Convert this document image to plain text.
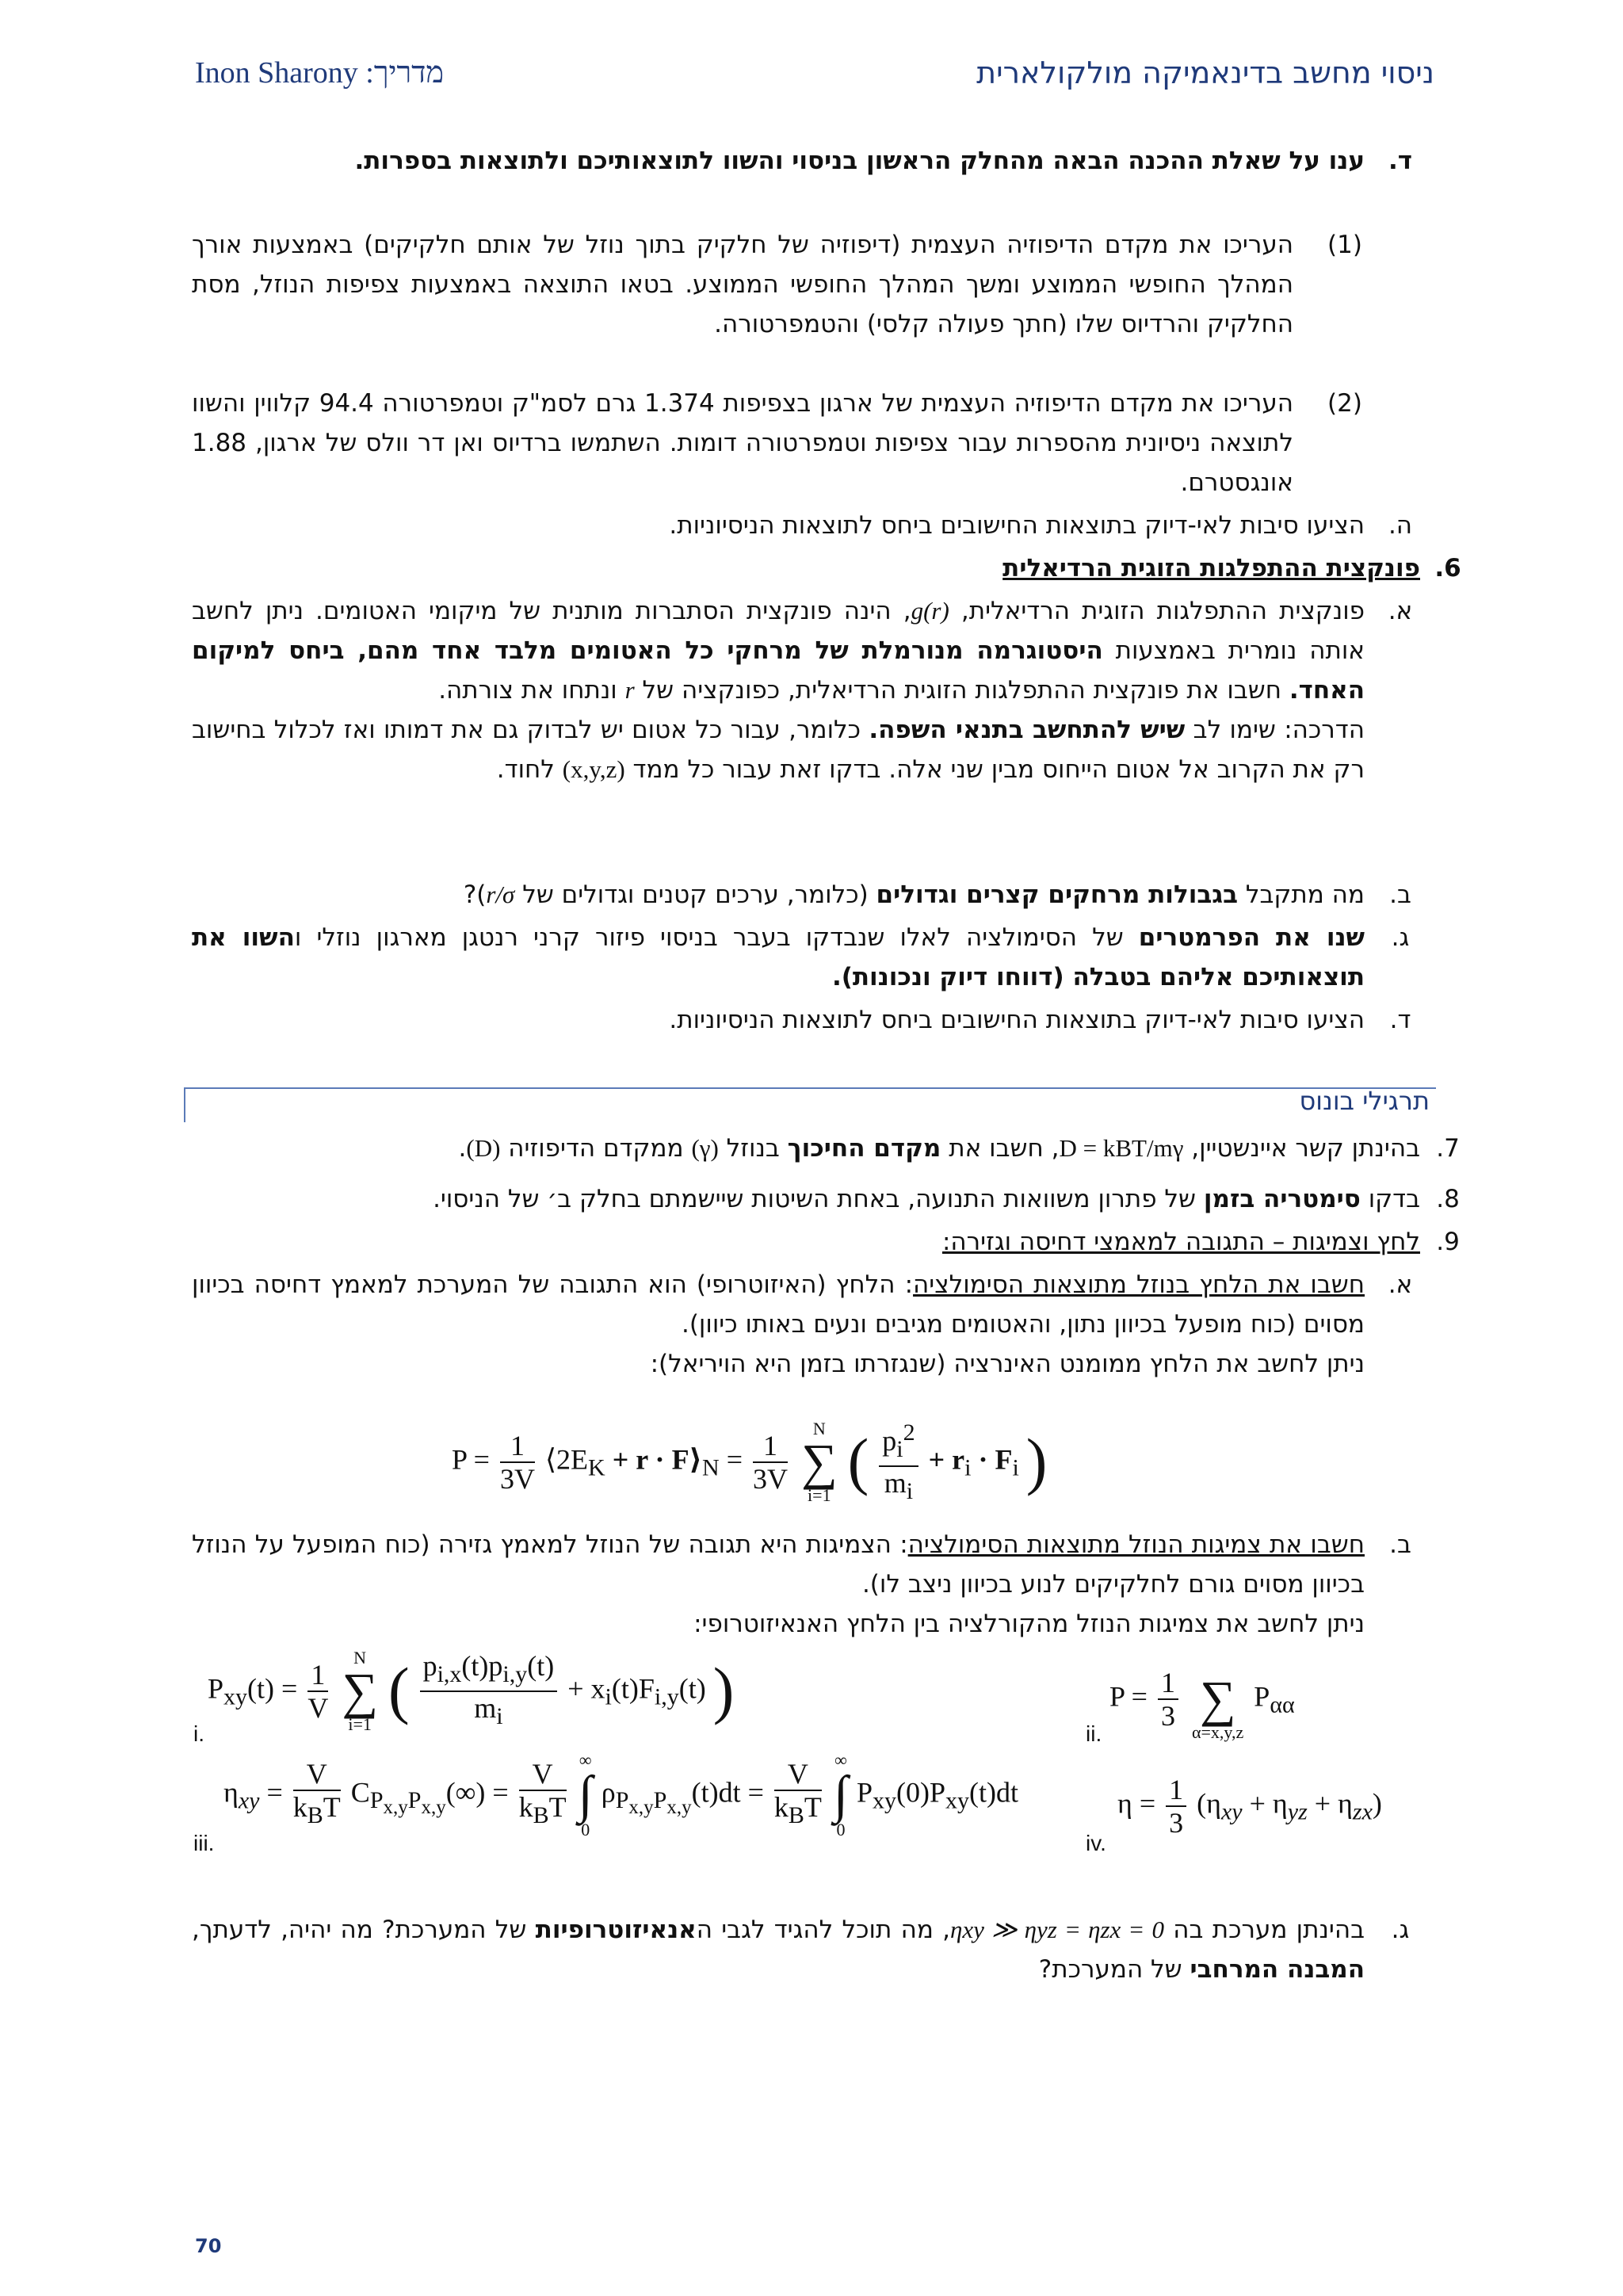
Inon Sharony :מדריך	ניסוי מחשב בדינאמיקה מולקולארית
ד.
ענו על שאלת ההכנה הבאה מהחלק הראשון בניסוי והשוו לתוצאותיכם ולתוצאות בספרות.
(1)
העריכו את מקדם הדיפוזיה העצמית (דיפוזיה של חלקיק בתוך נוזל של אותם חלקיקים) באמצעות אורך המהלך החופשי הממוצע ומשך המהלך החופשי הממוצע. בטאו התוצאה באמצעות צפיפות הנוזל, מסת החלקיק והרדיוס שלו (חתך פעולה קלסי) והטמפרטורה.
(2)
העריכו את מקדם הדיפוזיה העצמית של ארגון בצפיפות 1.374 גרם לסמ"ק וטמפרטורה 94.4 קלווין והשוו לתוצאה ניסיונית מהספרות עבור צפיפות וטמפרטורה דומות. השתמשו ברדיוס ואן דר וולס של ארגון, 1.88 אונגסטרם.
ה.
הציעו סיבות לאי-דיוק בתוצאות החישובים ביחס לתוצאות הניסיוניות.
6.
פונקצית ההתפלגות הזוגית הרדיאלית
א.
פונקצית ההתפלגות הזוגית הרדיאלית, g(r), הינה פונקצית הסתברות מותנית של מיקומי האטומים. ניתן לחשב אותה נומרית באמצעות היסטוגרמה מנורמלת של מרחקי כל האטומים מלבד אחד מהם, ביחס למיקום האחד. חשבו את פונקצית ההתפלגות הזוגית הרדיאלית, כפונקציה של r ונתחו את צורתה.
הדרכה: שימו לב שיש להתחשב בתנאי השפה. כלומר, עבור כל אטום יש לבדוק גם את דמותו ואז לכלול בחישוב רק את הקרוב אל אטום הייחוס מבין שני אלה. בדקו זאת עבור כל ממד (x,y,z) לחוד.
ב.
מה מתקבל בגבולות מרחקים קצרים וגדולים (כלומר, ערכים קטנים וגדולים של r/σ)?
ג.
שנו את הפרמטרים של הסימולציה לאלו שנבדקו בעבר בניסוי פיזור קרני רנטגן מארגון נוזלי והשוו את תוצאותיכם אליהם בטבלה (דווחו דיוק ונכונות).
ד.
הציעו סיבות לאי-דיוק בתוצאות החישובים ביחס לתוצאות הניסיוניות.
תרגילי בונוס
7.
בהינתן קשר איינשטיין, D = kBT/mγ, חשבו את מקדם החיכוך בנוזל (γ) ממקדם הדיפוזיה (D).
8.
בדקו סימטריה בזמן של פתרון משוואות התנועה, באחת השיטות שיישמתם בחלק ב׳ של הניסוי.
9.
לחץ וצמיגות – התגובה למאמצי דחיסה וגזירה:
א.
חשבו את הלחץ בנוזל מתוצאות הסימולציה: הלחץ (האיזוטרופי) הוא התגובה של המערכת למאמץ דחיסה בכיוון מסוים (כוח מופעל בכיוון נתון, והאטומים מגיבים ונעים באותו כיוון).
ניתן לחשב את הלחץ ממומנט האינרציה (שנגזרתו בזמן היא הויריאל):
$P = \frac{1}{3V}$ $⟨2E_K + r$ · $F⟩_N = \frac{1}{3V}$

N
∑
i=1 ( $\frac{p_i^2}{m_i} + r_i \cdot F_i$ )
ב.
חשבו את צמיגות הנוזל מתוצאות הסימולציה: הצמיגות היא תגובה של הנוזל למאמץ גזירה (כוח המופעל על הנוזל בכיוון מסוים גורם לחלקיקים לנוע בכיוון ניצב לו).
ניתן לחשב את צמיגות הנוזל מהקורלציה בין הלחץ האנאיזוטרופי:
$P_{xy}(t) = \frac{1}{V}$

N
∑
i=1 ( $\frac{p_{i,x}(t)p_{i,y}(t)}{m_i} + x_i(t)F_{i,y}(t)$ )
i.
$P = \frac{1}{3}$

∑
α=x,y,z
$P_{\alpha\alpha}$
ii.
$\eta_{xy} = \frac{V}{k_BT} C_{P_{x,y}P_{x,y}}(\infty) = \frac{V}{k_BT}$
∞
∫
0
$\rho_{P_{x,y}P_{x,y}}(t)dt = \frac{V}{k_BT}$
∞
∫
0
$P_{xy}(0)P_{xy}(t)dt$
iii.
$\eta = \frac{1}{3} (\eta_{xy} + \eta_{yz} + \eta_{zx})$
iv.
ג.
בהינתן מערכת בה ηxy ≫ ηyz = ηzx = 0, מה תוכל להגיד לגבי האנאיזוטרופיות של המערכת? מה יהיה, לדעתך, המבנה המרחבי של המערכת?
70
